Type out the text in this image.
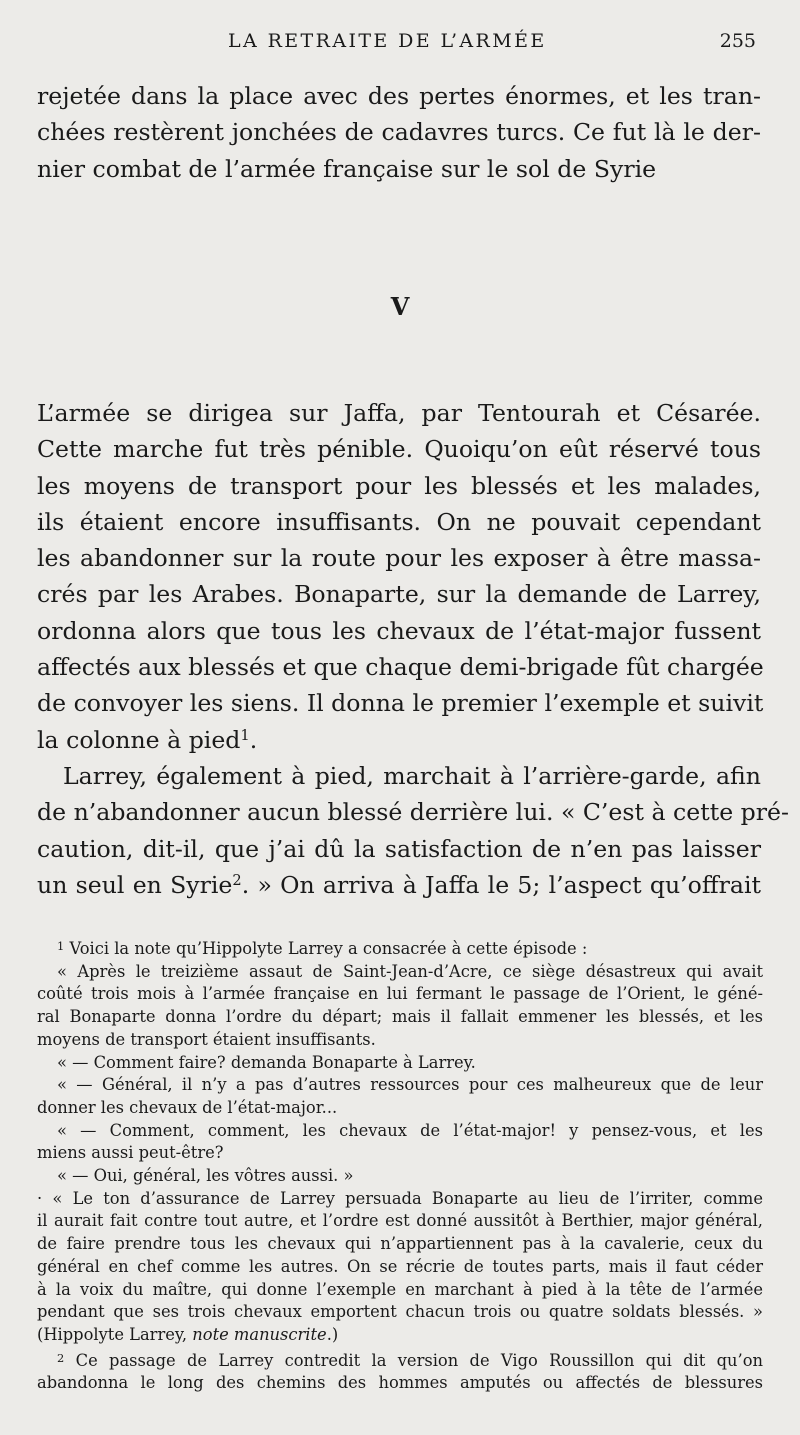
LA RETRAITE DE L’ARMÉE	255
rejetée dans la place avec des pertes énormes, et les tran-
chées restèrent jonchées de cadavres turcs. Ce fut là le der-
nier combat de l’armée française sur le sol de Syrie
V
L’armée se dirigea sur Jaffa, par Tentourah et Césarée.
Cette marche fut très pénible. Quoiqu’on eût réservé tous
les moyens de transport pour les blessés et les malades,
ils étaient encore insuffisants. On ne pouvait cependant
les abandonner sur la route pour les exposer à être massa-
crés par les Arabes. Bonaparte, sur la demande de Larrey,
ordonna alors que tous les chevaux de l’état-major fussent
affectés aux blessés et que chaque demi-brigade fût chargée
de convoyer les siens. Il donna le premier l’exemple et suivit
la colonne à pied$^1$.
Larrey, également à pied, marchait à l’arrière-garde, afin
de n’abandonner aucun blessé derrière lui. « C’est à cette pré-
caution, dit-il, que j’ai dû la satisfaction de n’en pas laisser
un seul en Syrie$^2$. » On arriva à Jaffa le 5; l’aspect qu’offrait
$^1$ Voici la note qu’Hippolyte Larrey a consacrée à cette épisode :
« Après le treizième assaut de Saint-Jean-d’Acre, ce siège désastreux qui avait
coûté trois mois à l’armée française en lui fermant le passage de l’Orient, le géné-
ral Bonaparte donna l’ordre du départ; mais il fallait emmener les blessés, et les
moyens de transport étaient insuffisants.
« — Comment faire? demanda Bonaparte à Larrey.
« — Général, il n’y a pas d’autres ressources pour ces malheureux que de leur
donner les chevaux de l’état-major...
« — Comment, comment, les chevaux de l’état-major! y pensez-vous, et les
miens aussi peut-être?
« — Oui, général, les vôtres aussi. »
· « Le ton d’assurance de Larrey persuada Bonaparte au lieu de l’irriter, comme
il aurait fait contre tout autre, et l’ordre est donné aussitôt à Berthier, major général,
de faire prendre tous les chevaux qui n’appartiennent pas à la cavalerie, ceux du
général en chef comme les autres. On se récrie de toutes parts, mais il faut céder
à la voix du maître, qui donne l’exemple en marchant à pied à la tête de l’armée
pendant que ses trois chevaux emportent chacun trois ou quatre soldats blessés. »
(Hippolyte Larrey, note manuscrite.)
$^2$ Ce passage de Larrey contredit la version de Vigo Roussillon qui dit qu’on
abandonna le long des chemins des hommes amputés ou affectés de blessures
